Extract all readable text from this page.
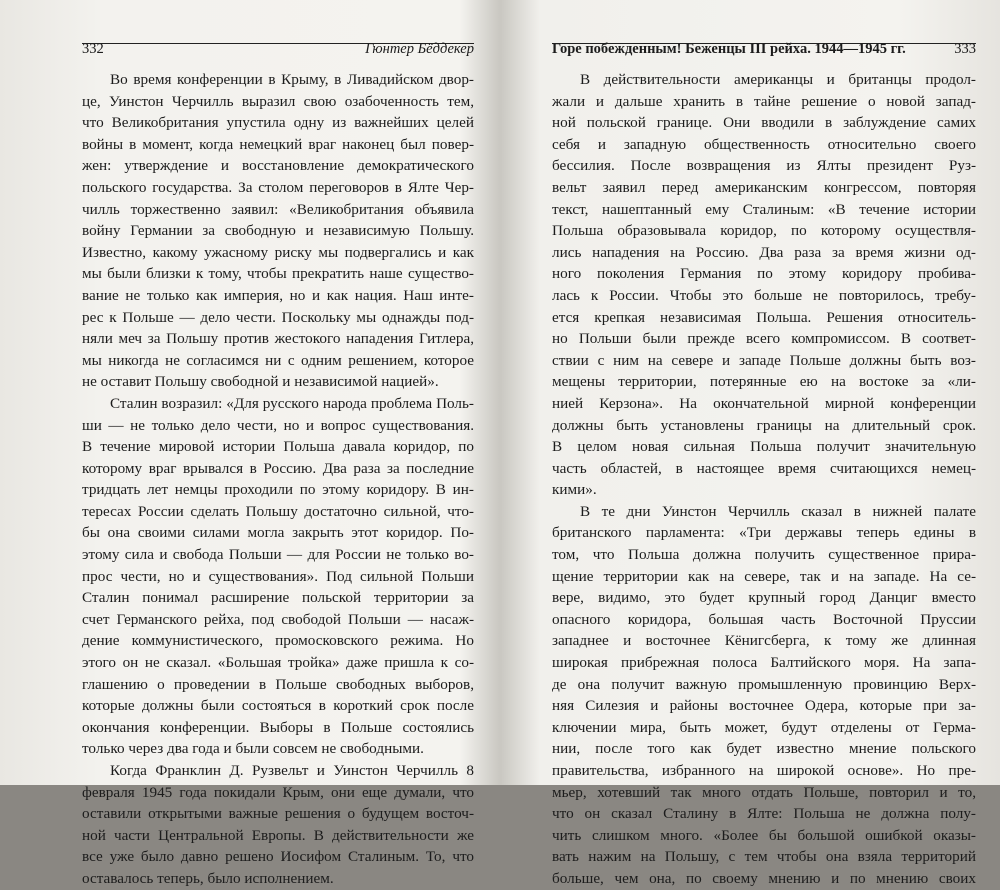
332	Гюнтер Бёддекер
Во время конференции в Крыму, в Ливадийском двор-
це, Уинстон Черчилль выразил свою озабоченность тем,
что Великобритания упустила одну из важнейших целей
войны в момент, когда немецкий враг наконец был повер-
жен: утверждение и восстановление демократического
польского государства. За столом переговоров в Ялте Чер-
чилль торжественно заявил: «Великобритания объявила
войну Германии за свободную и независимую Польшу.
Известно, какому ужасному риску мы подвергались и как
мы были близки к тому, чтобы прекратить наше существо-
вание не только как империя, но и как нация. Наш инте-
рес к Польше — дело чести. Поскольку мы однажды под-
няли меч за Польшу против жестокого нападения Гитлера,
мы никогда не согласимся ни с одним решением, которое
не оставит Польшу свободной и независимой нацией».
Сталин возразил: «Для русского народа проблема Поль-
ши — не только дело чести, но и вопрос существования.
В течение мировой истории Польша давала коридор, по
которому враг врывался в Россию. Два раза за последние
тридцать лет немцы проходили по этому коридору. В ин-
тересах России сделать Польшу достаточно сильной, что-
бы она своими силами могла закрыть этот коридор. По-
этому сила и свобода Польши — для России не только во-
прос чести, но и существования». Под сильной Польши
Сталин понимал расширение польской территории за
счет Германского рейха, под свободой Польши — насаж-
дение коммунистического, промосковского режима. Но
этого он не сказал. «Большая тройка» даже пришла к со-
глашению о проведении в Польше свободных выборов,
которые должны были состояться в короткий срок после
окончания конференции. Выборы в Польше состоялись
только через два года и были совсем не свободными.
Когда Франклин Д. Рузвельт и Уинстон Черчилль 8
февраля 1945 года покидали Крым, они еще думали, что
оставили открытыми важные решения о будущем восточ-
ной части Центральной Европы. В действительности же
все уже было давно решено Иосифом Сталиным. То, что
оставалось теперь, было исполнением.
Горе побежденным! Беженцы III рейха. 1944—1945 гг.	333
В действительности американцы и британцы продол-
жали и дальше хранить в тайне решение о новой запад-
ной польской границе. Они вводили в заблуждение самих
себя и западную общественность относительно своего
бессилия. После возвращения из Ялты президент Руз-
вельт заявил перед американским конгрессом, повторяя
текст, нашептанный ему Сталиным: «В течение истории
Польша образовывала коридор, по которому осуществля-
лись нападения на Россию. Два раза за время жизни од-
ного поколения Германия по этому коридору пробива-
лась к России. Чтобы это больше не повторилось, требу-
ется крепкая независимая Польша. Решения относитель-
но Польши были прежде всего компромиссом. В соответ-
ствии с ним на севере и западе Польше должны быть воз-
мещены территории, потерянные ею на востоке за «ли-
нией Керзона». На окончательной мирной конференции
должны быть установлены границы на длительный срок.
В целом новая сильная Польша получит значительную
часть областей, в настоящее время считающихся немец-
кими».
В те дни Уинстон Черчилль сказал в нижней палате
британского парламента: «Три державы теперь едины в
том, что Польша должна получить существенное прира-
щение территории как на севере, так и на западе. На се-
вере, видимо, это будет крупный город Данциг вместо
опасного коридора, большая часть Восточной Пруссии
западнее и восточнее Кёнигсберга, к тому же длинная
широкая прибрежная полоса Балтийского моря. На запа-
де она получит важную промышленную провинцию Верх-
няя Силезия и районы восточнее Одера, которые при за-
ключении мира, быть может, будут отделены от Герма-
нии, после того как будет известно мнение польского
правительства, избранного на широкой основе». Но пре-
мьер, хотевший так много отдать Польше, повторил и то,
что он сказал Сталину в Ялте: Польша не должна полу-
чить слишком много. «Более бы большой ошибкой оказы-
вать нажим на Польшу, с тем чтобы она взяла территорий
больше, чем она, по своему мнению и по мнению своих
